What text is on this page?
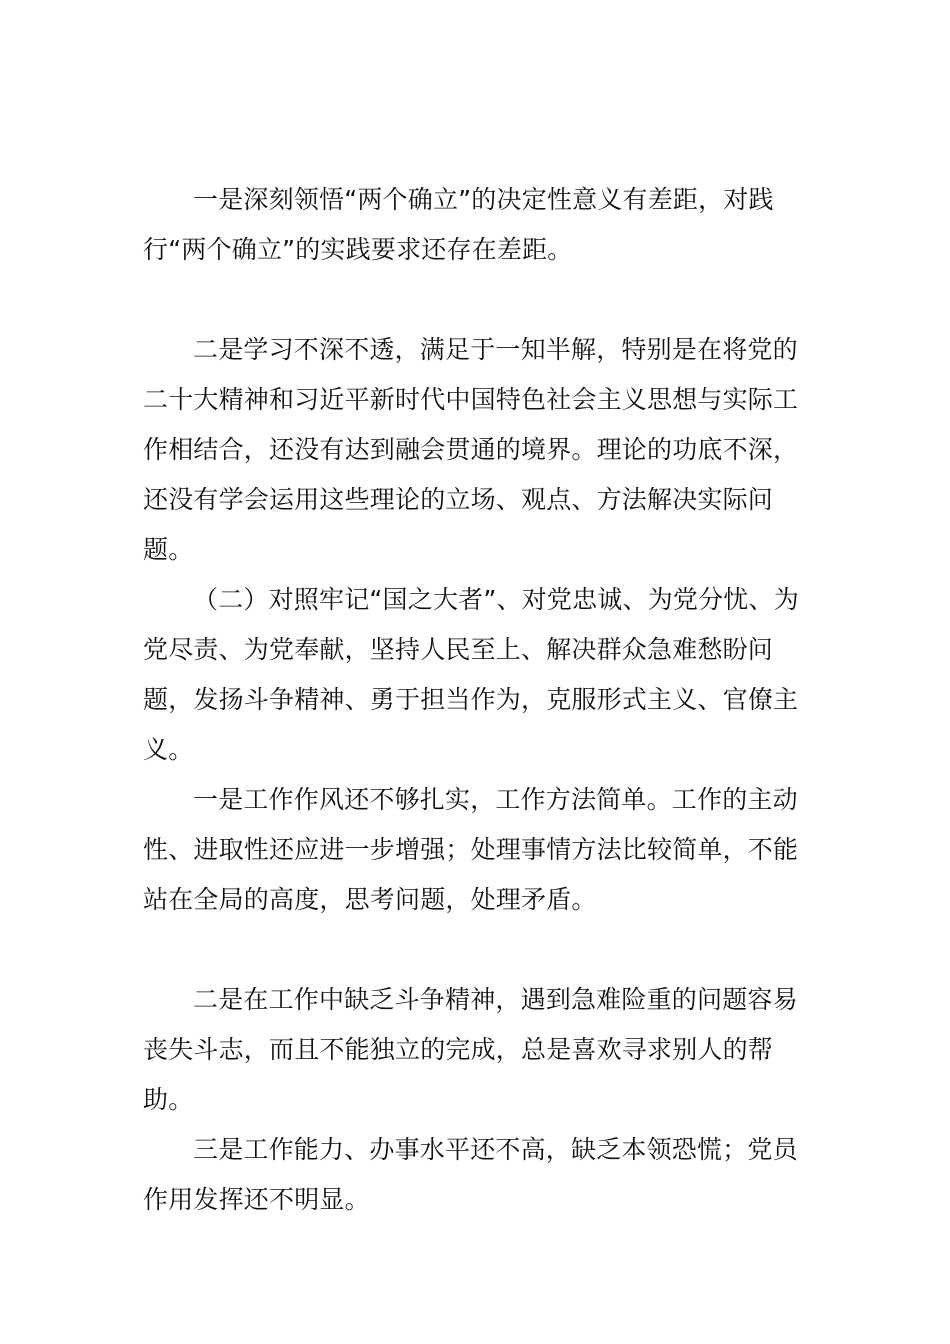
一是深刻领悟“两个确立”的决定性意义有差距，对践行“两个确立”的实践要求还存在差距。

二是学习不深不透，满足于一知半解，特别是在将党的二十大精神和习近平新时代中国特色社会主义思想与实际工作相结合，还没有达到融会贯通的境界。理论的功底不深，还没有学会运用这些理论的立场、观点、方法解决实际问题。

（二）对照牢记“国之大者”、对党忠诚、为党分忧、为党尽责、为党奉献，坚持人民至上、解决群众急难愁盼问题，发扬斗争精神、勇于担当作为，克服形式主义、官僚主义。

一是工作作风还不够扎实，工作方法简单。工作的主动性、进取性还应进一步增强；处理事情方法比较简单，不能站在全局的高度，思考问题，处理矛盾。

二是在工作中缺乏斗争精神，遇到急难险重的问题容易丧失斗志，而且不能独立的完成，总是喜欢寻求别人的帮助。

三是工作能力、办事水平还不高，缺乏本领恐慌；党员作用发挥还不明显。
